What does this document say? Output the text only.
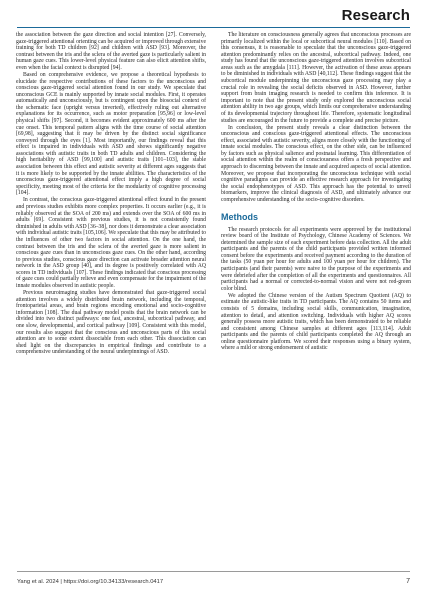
Research

the association between the gaze direction and social intention [27]. Conversely, gaze-triggered attentional orienting can be acquired or improved through extensive training for both TD children [92] and children with ASD [93]. Moreover, the contrast between the iris and the sclera of the averted gaze is particularly salient in human gaze cues. This lower-level physical feature can also elicit attention shifts, even when the facial context is disrupted [94].

Based on comprehensive evidence, we propose a theoretical hypothesis to elucidate the respective contributions of these factors to the unconscious and conscious gaze-triggered social attention found in our study. We speculate that unconscious GCE is mainly supported by innate social modules. First, it operates automatically and unconsciously, but is contingent upon the biosocial context of the schematic face (upright versus inverted), effectively ruling out alternative explanations for its occurrence, such as motor preparation [95,96] or low-level physical shifts [97]. Second, it becomes evident approximately 600 ms after the cue onset. This temporal pattern aligns with the time course of social attention [69,98], suggesting that it may be driven by the distinct social significance conveyed through the eyes [1]. Most importantly, our findings reveal that this effect is impaired in individuals with ASD and shows significantly negative associations with autistic traits in both TD adults and children. Considering the high heritability of ASD [99,100] and autistic traits [101–103], the stable association between this effect and autistic severity at different ages suggests that it is more likely to be supported by the innate abilities. The characteristics of the unconscious gaze-triggered attentional effect imply a high degree of social specificity, meeting most of the criteria for the modularity of cognitive processing [104].

In contrast, the conscious gaze-triggered attentional effect found in the present and previous studies exhibits more complex properties. It occurs earlier (e.g., it is reliably observed at the SOA of 200 ms) and extends over the SOA of 600 ms in adults [69]. Consistent with previous studies, it is not consistently found diminished in adults with ASD [36–38], nor does it demonstrate a clear association with individual autistic traits [105,106]. We speculate that this may be attributed to the influences of other two factors in social attention. On the one hand, the contrast between the iris and the sclera of the averted gaze is more salient in conscious gaze cues than in unconscious gaze cues. On the other hand, according to previous studies, conscious gaze direction can activate broader attention neural network in the ASD group [40], and its degree is positively correlated with AQ scores in TD individuals [107]. These findings indicated that conscious processing of gaze cues could partially relieve and even compensate for the impairment of the innate modules observed in autistic people.

Previous neuroimaging studies have demonstrated that gaze-triggered social attention involves a widely distributed brain network, including the temporal, frontoparietal areas, and brain regions encoding emotional and socio-cognitive information [108]. The dual pathway model posits that the brain network can be divided into two distinct pathways: one fast, ancestral, subcortical pathway, and one slow, developmental, and cortical pathway [109]. Consistent with this model, our results also suggest that the conscious and unconscious parts of this social attention are to some extent dissociable from each other. This dissociation can shed light on the discrepancies in empirical findings and contribute to a comprehensive understanding of the neural underpinnings of ASD.

The literature on consciousness generally agrees that unconscious processes are primarily localized within the local or subcortical neural modules [110]. Based on this consensus, it is reasonable to speculate that the unconscious gaze-triggered attention predominantly relies on the ancestral, subcortical pathway. Indeed, one study has found that the unconscious gaze-triggered attention involves subcortical areas such as the amygdala [111]. However, the activation of these areas appears to be diminished in individuals with ASD [40,112]. These findings suggest that the subcortical module underpinning the unconscious gaze processing may play a crucial role in revealing the social deficits observed in ASD. However, further support from brain imaging research is needed to confirm this inference. It is important to note that the present study only explored the unconscious social attention ability in two age groups, which limits our comprehensive understanding of its developmental trajectory throughout life. Therefore, systematic longitudinal studies are encouraged in the future to provide a complete and precise picture.

In conclusion, the present study reveals a clear distinction between the unconscious and conscious gaze-triggered attentional effects. The unconscious effect, associated with autistic severity, aligns more closely with the functioning of innate social modules. The conscious effect, on the other side, can be influenced by factors such as physical salience and postnatal learning. This differentiation of social attention within the realm of consciousness offers a fresh perspective and approach to discerning between the innate and acquired aspects of social attention. Moreover, we propose that incorporating the unconscious technique with social cognitive paradigms can provide an effective research approach for investigating the social endophenotypes of ASD. This approach has the potential to unveil biomarkers, improve the clinical diagnosis of ASD, and ultimately advance our comprehensive understanding of the socio-cognitive disorders.

Methods

The research protocols for all experiments were approved by the institutional review board of the Institute of Psychology, Chinese Academy of Sciences. We determined the sample size of each experiment before data collection. All the adult participants and the parents of the child participants provided written informed consent before the experiments and received payment according to the duration of the tasks (50 yuan per hour for adults and 100 yuan per hour for children). The participants (and their parents) were naive to the purpose of the experiments and were debriefed after the completion of all the experiments and questionnaires. All participants had a normal or corrected-to-normal vision and were not red-green color blind.

We adopted the Chinese version of the Autism Spectrum Quotient (AQ) to estimate the autistic-like traits in TD participants. The AQ contains 50 items and consists of 5 domains, including social skills, communication, imagination, attention to detail, and attention switching. Individuals with higher AQ scores generally possess more autistic traits, which has been demonstrated to be reliable and consistent among Chinese samples at different ages [113,114]. Adult participants and the parents of child participants completed the AQ through an online questionnaire platform. We scored their responses using a binary system, where a mild or strong endorsement of autistic

Yang et al. 2024 | https://doi.org/10.34133/research.0417	7
